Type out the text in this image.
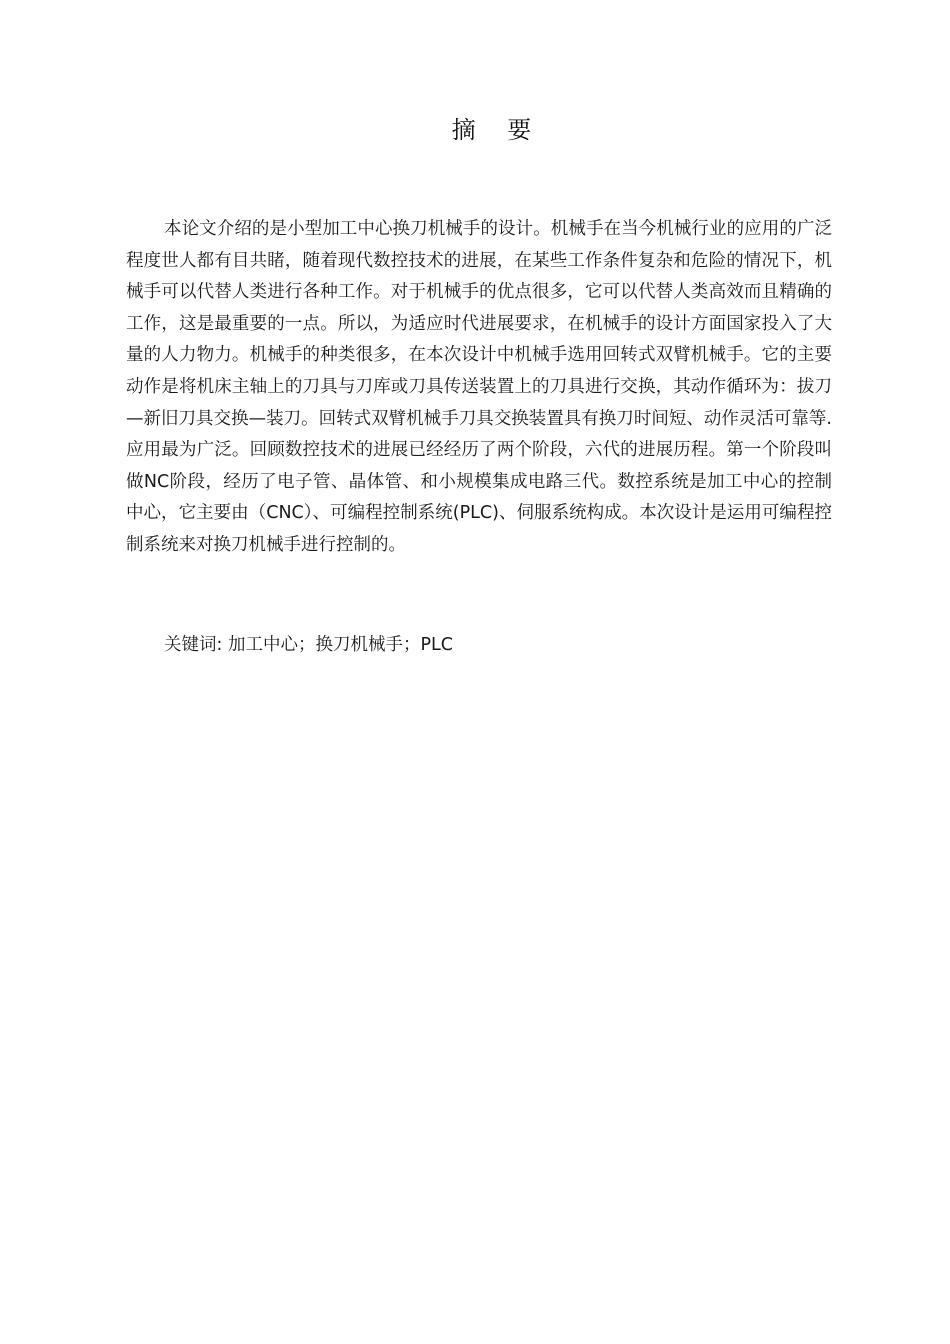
摘 要

本论文介绍的是小型加工中心换刀机械手的设计。机械手在当今机械行业的应用的广泛程度世人都有目共睹，随着现代数控技术的进展，在某些工作条件复杂和危险的情况下，机械手可以代替人类进行各种工作。对于机械手的优点很多，它可以代替人类高效而且精确的工作，这是最重要的一点。所以，为适应时代进展要求，在机械手的设计方面国家投入了大量的人力物力。机械手的种类很多，在本次设计中机械手选用回转式双臂机械手。它的主要动作是将机床主轴上的刀具与刀库或刀具传送装置上的刀具进行交换，其动作循环为：拔刀—新旧刀具交换—装刀。回转式双臂机械手刀具交换装置具有换刀时间短、动作灵活可靠等.应用最为广泛。回顾数控技术的进展已经经历了两个阶段，六代的进展历程。第一个阶段叫做NC阶段，经历了电子管、晶体管、和小规模集成电路三代。数控系统是加工中心的控制中心，它主要由（CNC）、可编程控制系统(PLC)、伺服系统构成。本次设计是运用可编程控制系统来对换刀机械手进行控制的。

关键词: 加工中心；换刀机械手；PLC
